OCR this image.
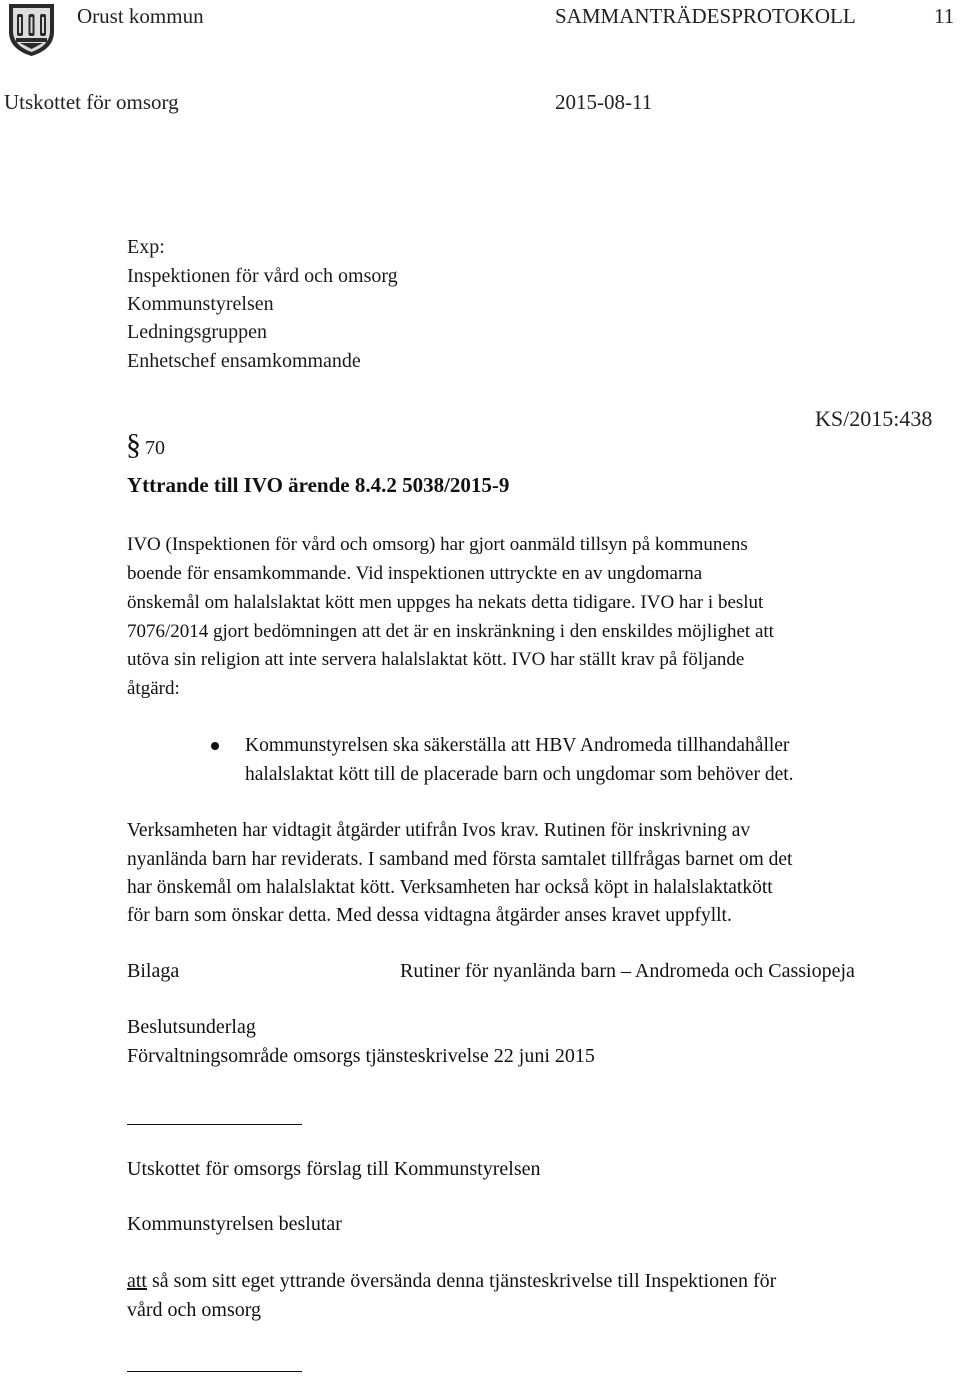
Orust kommun	SAMMANTRÄDESPROTOKOLL	11
Utskottet för omsorg	2015-08-11
Exp:
Inspektionen för vård och omsorg
Kommunstyrelsen
Ledningsgruppen
Enhetschef ensamkommande
§ 70
KS/2015:438
Yttrande till IVO ärende 8.4.2 5038/2015-9
IVO (Inspektionen för vård och omsorg) har gjort oanmäld tillsyn på kommunens
boende för ensamkommande. Vid inspektionen uttryckte en av ungdomarna
önskemål om halalslaktat kött men uppges ha nekats detta tidigare. IVO har i beslut
7076/2014 gjort bedömningen att det är en inskränkning i den enskildes möjlighet att
utöva sin religion att inte servera halalslaktat kött. IVO har ställt krav på följande
åtgärd:
Kommunstyrelsen ska säkerställa att HBV Andromeda tillhandahåller
halalslaktat kött till de placerade barn och ungdomar som behöver det.
Verksamheten har vidtagit åtgärder utifrån Ivos krav. Rutinen för inskrivning av
nyanlända barn har reviderats. I samband med första samtalet tillfrågas barnet om det
har önskemål om halalslaktat kött. Verksamheten har också köpt in halalslaktatkött
för barn som önskar detta. Med dessa vidtagna åtgärder anses kravet uppfyllt.
Bilaga	Rutiner för nyanlända barn – Andromeda och Cassiopeja
Beslutsunderlag
Förvaltningsområde omsorgs tjänsteskrivelse 22 juni 2015
Utskottet för omsorgs förslag till Kommunstyrelsen
Kommunstyrelsen beslutar
att så som sitt eget yttrande översända denna tjänsteskrivelse till Inspektionen för
vård och omsorg
